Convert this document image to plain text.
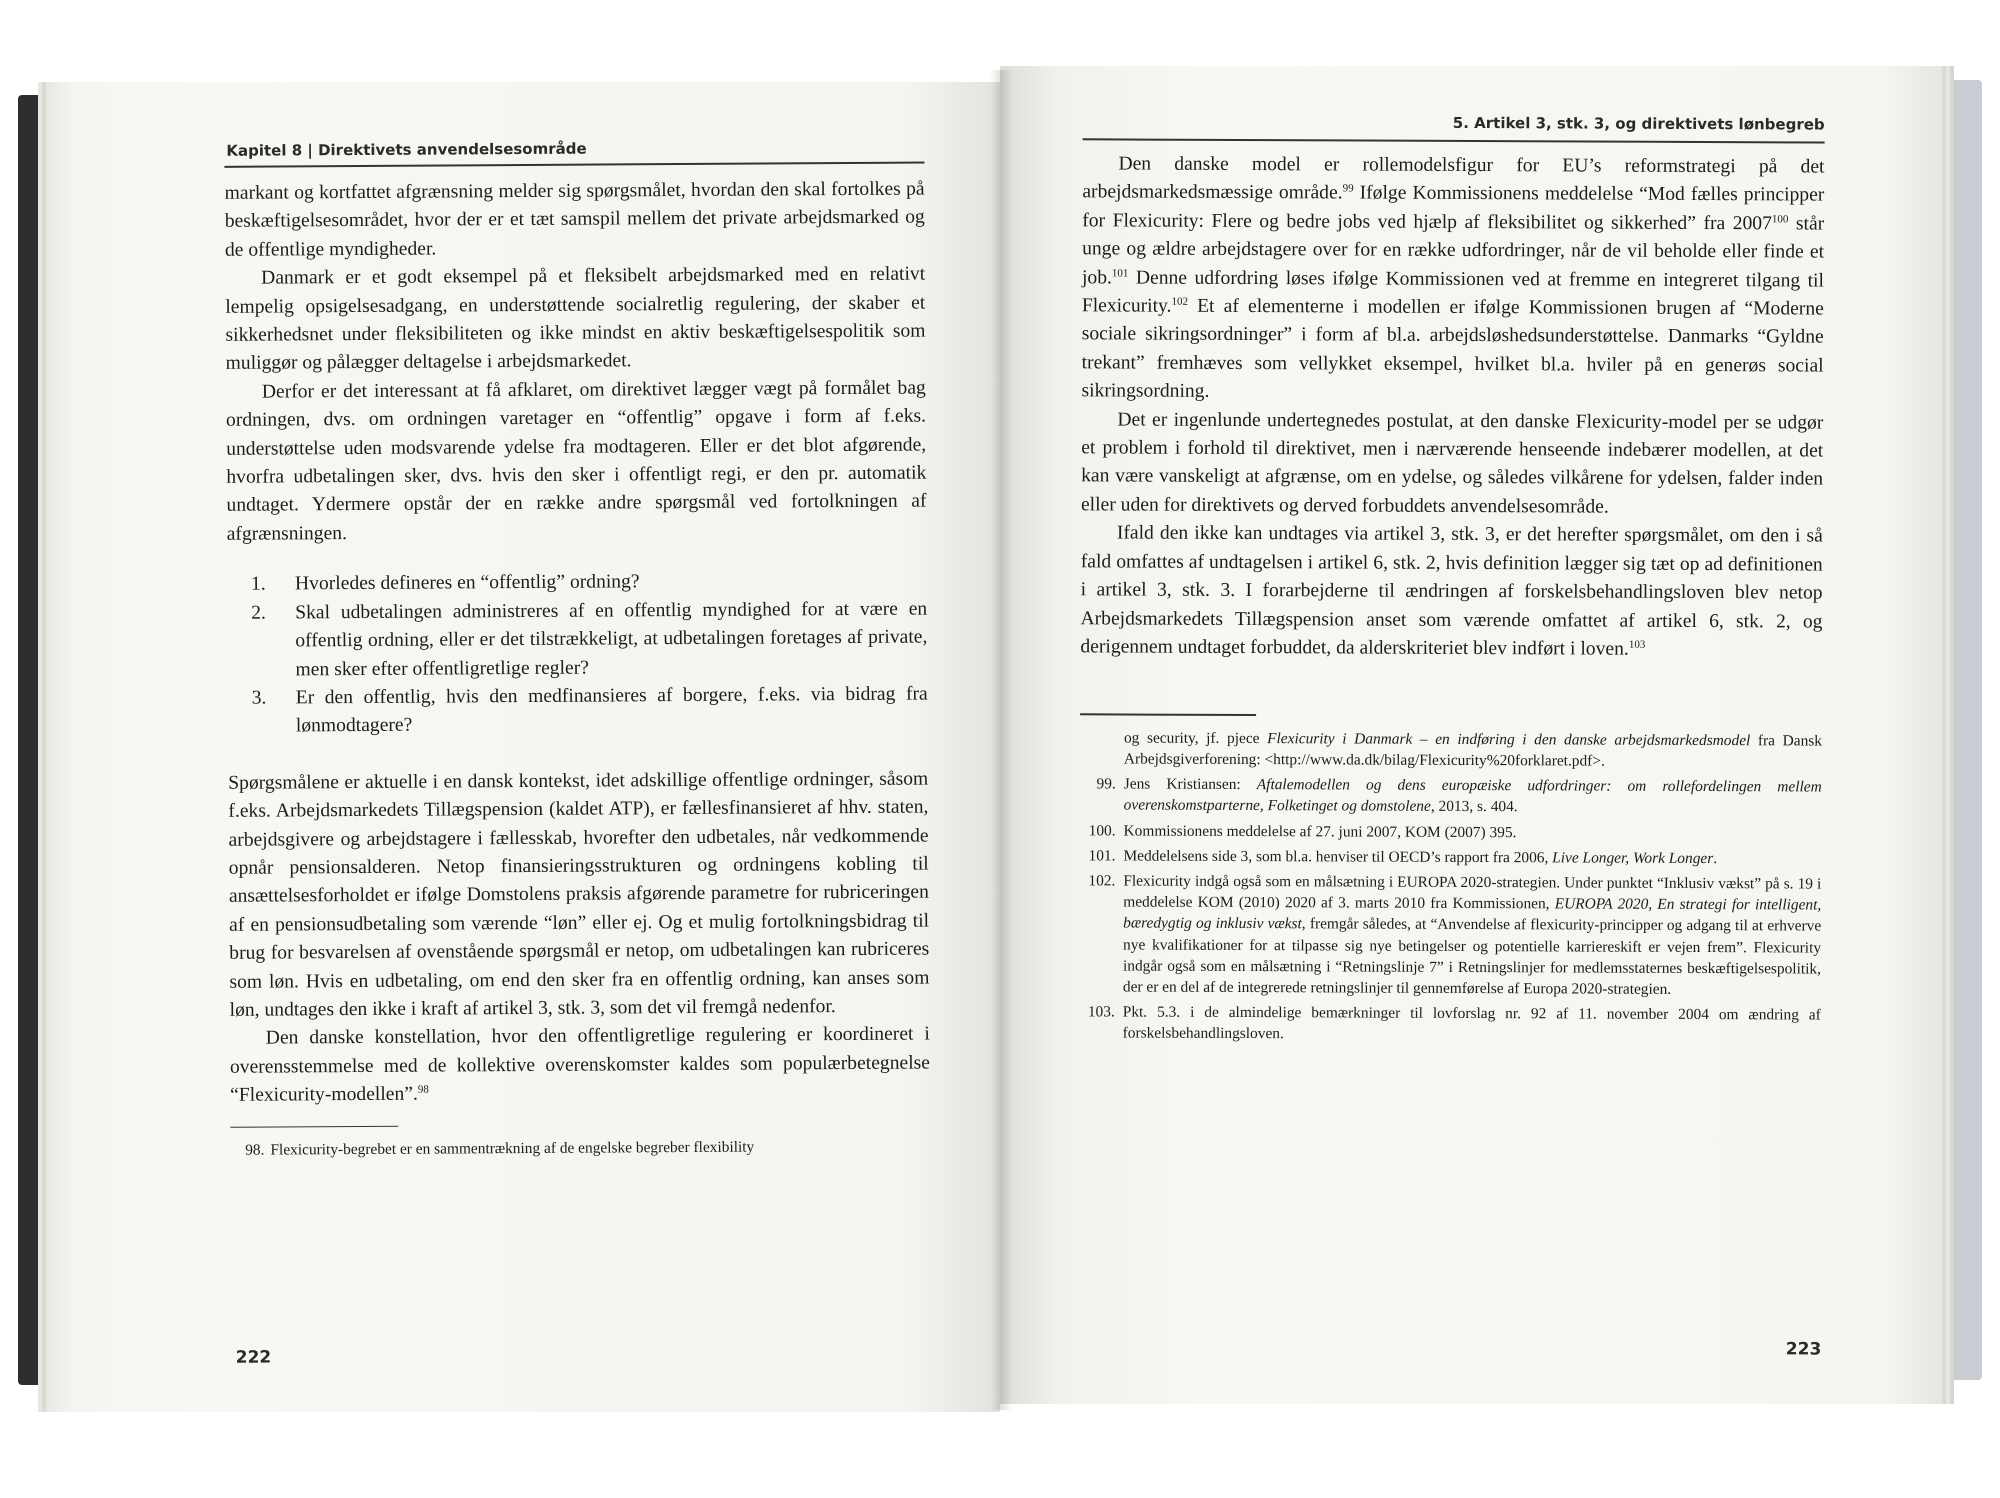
Kapitel 8 | Direktivets anvendelsesområde

markant og kortfattet afgrænsning melder sig spørgsmålet, hvordan den skal fortolkes på beskæftigelsesområdet, hvor der er et tæt samspil mellem det private arbejdsmarked og de offentlige myndigheder.

Danmark er et godt eksempel på et fleksibelt arbejdsmarked med en relativt lempelig opsigelsesadgang, en understøttende socialretlig regulering, der skaber et sikkerhedsnet under fleksibiliteten og ikke mindst en aktiv beskæftigelsespolitik som muliggør og pålægger deltagelse i arbejdsmarkedet.

Derfor er det interessant at få afklaret, om direktivet lægger vægt på formålet bag ordningen, dvs. om ordningen varetager en “offentlig” opgave i form af f.eks. understøttelse uden modsvarende ydelse fra modtageren. Eller er det blot afgørende, hvorfra udbetalingen sker, dvs. hvis den sker i offentligt regi, er den pr. automatik undtaget. Ydermere opstår der en række andre spørgsmål ved fortolkningen af afgrænsningen.

1. Hvorledes defineres en “offentlig” ordning?
2. Skal udbetalingen administreres af en offentlig myndighed for at være en offentlig ordning, eller er det tilstrækkeligt, at udbetalingen foretages af private, men sker efter offentligretlige regler?
3. Er den offentlig, hvis den medfinansieres af borgere, f.eks. via bidrag fra lønmodtagere?

Spørgsmålene er aktuelle i en dansk kontekst, idet adskillige offentlige ordninger, såsom f.eks. Arbejdsmarkedets Tillægspension (kaldet ATP), er fællesfinansieret af hhv. staten, arbejdsgivere og arbejdstagere i fællesskab, hvorefter den udbetales, når vedkommende opnår pensionsalderen. Netop finansieringsstrukturen og ordningens kobling til ansættelsesforholdet er ifølge Domstolens praksis afgørende parametre for rubriceringen af en pensionsudbetaling som værende “løn” eller ej. Og et mulig fortolkningsbidrag til brug for besvarelsen af ovenstående spørgsmål er netop, om udbetalingen kan rubriceres som løn. Hvis en udbetaling, om end den sker fra en offentlig ordning, kan anses som løn, undtages den ikke i kraft af artikel 3, stk. 3, som det vil fremgå nedenfor.

Den danske konstellation, hvor den offentligretlige regulering er koordineret i overensstemmelse med de kollektive overenskomster kaldes som populærbetegnelse “Flexicurity-modellen”.$^{98}$

98. Flexicurity-begrebet er en sammentrækning af de engelske begreber flexibility
222
5. Artikel 3, stk. 3, og direktivets lønbegreb

Den danske model er rollemodelsfigur for EU’s reformstrategi på det arbejdsmarkedsmæssige område.$^{99}$ Ifølge Kommissionens meddelelse “Mod fælles principper for Flexicurity: Flere og bedre jobs ved hjælp af fleksibilitet og sikkerhed” fra 2007$^{100}$ står unge og ældre arbejdstagere over for en række udfordringer, når de vil beholde eller finde et job.$^{101}$ Denne udfordring løses ifølge Kommissionen ved at fremme en integreret tilgang til Flexicurity.$^{102}$ Et af elementerne i modellen er ifølge Kommissionen brugen af “Moderne sociale sikringsordninger” i form af bl.a. arbejdsløshedsunderstøttelse. Danmarks “Gyldne trekant” fremhæves som vellykket eksempel, hvilket bl.a. hviler på en generøs social sikringsordning.

Det er ingenlunde undertegnedes postulat, at den danske Flexicurity-model per se udgør et problem i forhold til direktivet, men i nærværende henseende indebærer modellen, at det kan være vanskeligt at afgrænse, om en ydelse, og således vilkårene for ydelsen, falder inden eller uden for direktivets og derved forbuddets anvendelsesområde.

Ifald den ikke kan undtages via artikel 3, stk. 3, er det herefter spørgsmålet, om den i så fald omfattes af undtagelsen i artikel 6, stk. 2, hvis definition lægger sig tæt op ad definitionen i artikel 3, stk. 3. I forarbejderne til ændringen af forskelsbehandlingsloven blev netop Arbejdsmarkedets Tillægspension anset som værende omfattet af artikel 6, stk. 2, og derigennem undtaget forbuddet, da alderskriteriet blev indført i loven.$^{103}$

og security, jf. pjece Flexicurity i Danmark – en indføring i den danske arbejdsmarkedsmodel fra Dansk Arbejdsgiverforening: <http://www.da.dk/bilag/Flexicurity%20forklaret.pdf>.
99. Jens Kristiansen: Aftalemodellen og dens europæiske udfordringer: om rollefordelingen mellem overenskomstparterne, Folketinget og domstolene, 2013, s. 404.
100. Kommissionens meddelelse af 27. juni 2007, KOM (2007) 395.
101. Meddelelsens side 3, som bl.a. henviser til OECD’s rapport fra 2006, Live Longer, Work Longer.
102. Flexicurity indgå også som en målsætning i EUROPA 2020-strategien. Under punktet “Inklusiv vækst” på s. 19 i meddelelse KOM (2010) 2020 af 3. marts 2010 fra Kommissionen, EUROPA 2020, En strategi for intelligent, bæredygtig og inklusiv vækst, fremgår således, at “Anvendelse af flexicurity-principper og adgang til at erhverve nye kvalifikationer for at tilpasse sig nye betingelser og potentielle karriereskift er vejen frem”. Flexicurity indgår også som en målsætning i “Retningslinje 7” i Retningslinjer for medlemsstaternes beskæftigelsespolitik, der er en del af de integrerede retningslinjer til gennemførelse af Europa 2020-strategien.
103. Pkt. 5.3. i de almindelige bemærkninger til lovforslag nr. 92 af 11. november 2004 om ændring af forskelsbehandlingsloven.
223
